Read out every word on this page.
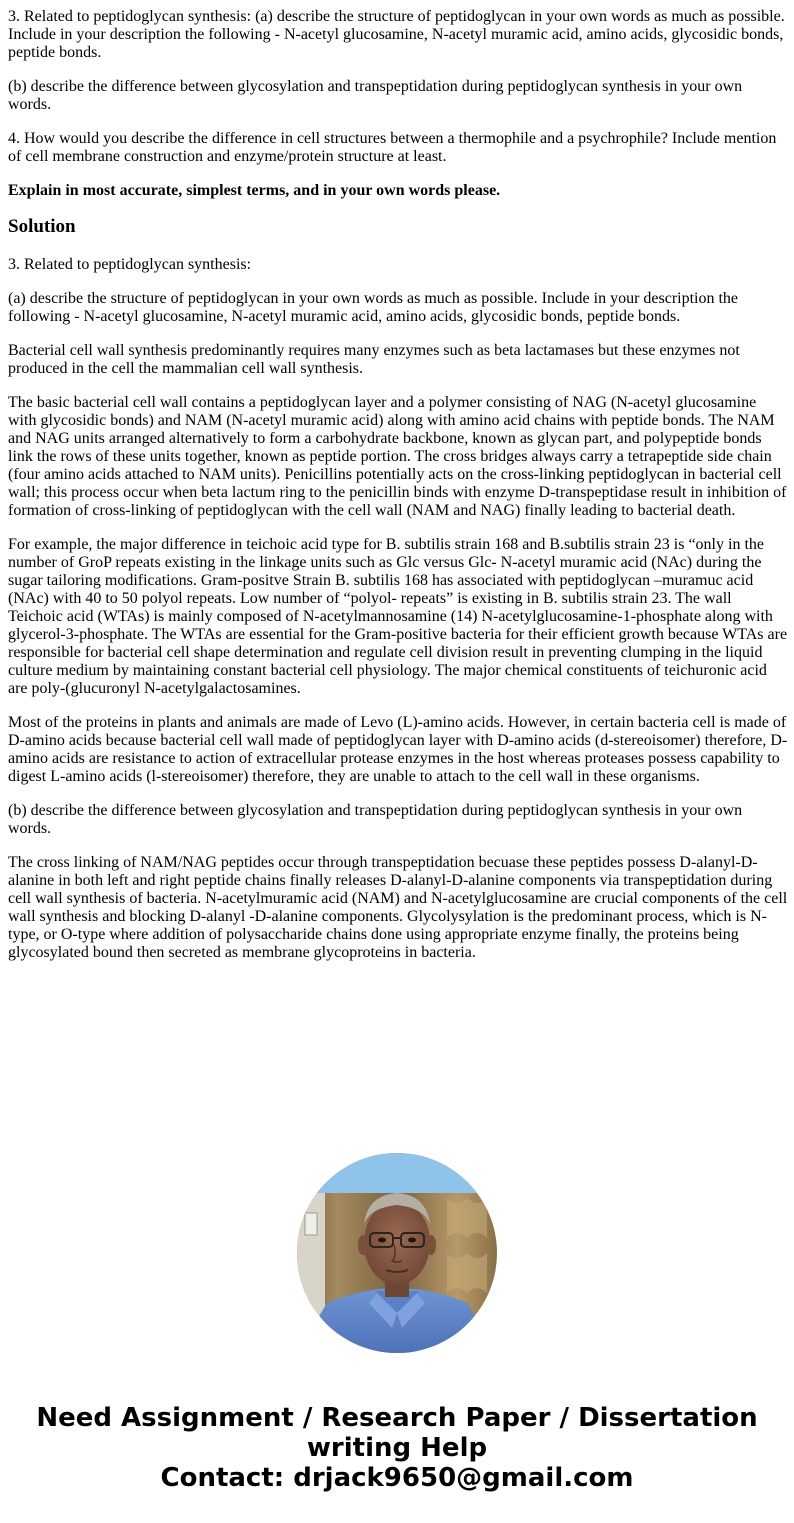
3. Related to peptidoglycan synthesis: (a) describe the structure of peptidoglycan in your own words as much as possible. Include in your description the following - N-acetyl glucosamine, N-acetyl muramic acid, amino acids, glycosidic bonds, peptide bonds.

(b) describe the difference between glycosylation and transpeptidation during peptidoglycan synthesis in your own words.

4. How would you describe the difference in cell structures between a thermophile and a psychrophile? Include mention of cell membrane construction and enzyme/protein structure at least.

Explain in most accurate, simplest terms, and in your own words please.

Solution

3. Related to peptidoglycan synthesis:

(a) describe the structure of peptidoglycan in your own words as much as possible. Include in your description the following - N-acetyl glucosamine, N-acetyl muramic acid, amino acids, glycosidic bonds, peptide bonds.

Bacterial cell wall synthesis predominantly requires many enzymes such as beta lactamases but these enzymes not produced in the cell the mammalian cell wall synthesis.

The basic bacterial cell wall contains a peptidoglycan layer and a polymer consisting of NAG (N-acetyl glucosamine with glycosidic bonds) and NAM (N-acetyl muramic acid) along with amino acid chains with peptide bonds. The NAM and NAG units arranged alternatively to form a carbohydrate backbone, known as glycan part, and polypeptide bonds link the rows of these units together, known as peptide portion. The cross bridges always carry a tetrapeptide side chain (four amino acids attached to NAM units). Penicillins potentially acts on the cross-linking peptidoglycan in bacterial cell wall; this process occur when beta lactum ring to the penicillin binds with enzyme D-transpeptidase result in inhibition of formation of cross-linking of peptidoglycan with the cell wall (NAM and NAG) finally leading to bacterial death.

For example, the major difference in teichoic acid type for B. subtilis strain 168 and B.subtilis strain 23 is “only in the number of GroP repeats existing in the linkage units such as Glc versus Glc- N-acetyl muramic acid (NAc) during the sugar tailoring modifications. Gram-positve Strain B. subtilis 168 has associated with peptidoglycan –muramuc acid (NAc) with 40 to 50 polyol repeats. Low number of “polyol- repeats” is existing in B. subtilis strain 23. The wall Teichoic acid (WTAs) is mainly composed of N-acetylmannosamine (14) N-acetylglucosamine-1-phosphate along with glycerol-3-phosphate. The WTAs are essential for the Gram-positive bacteria for their efficient growth because WTAs are responsible for bacterial cell shape determination and regulate cell division result in preventing clumping in the liquid culture medium by maintaining constant bacterial cell physiology. The major chemical constituents of teichuronic acid are poly-(glucuronyl N-acetylgalactosamines.

Most of the proteins in plants and animals are made of Levo (L)-amino acids. However, in certain bacteria cell is made of D-amino acids because bacterial cell wall made of peptidoglycan layer with D-amino acids (d-stereoisomer) therefore, D-amino acids are resistance to action of extracellular protease enzymes in the host whereas proteases possess capability to digest L-amino acids (l-stereoisomer) therefore, they are unable to attach to the cell wall in these organisms.

(b) describe the difference between glycosylation and transpeptidation during peptidoglycan synthesis in your own words.

The cross linking of NAM/NAG peptides occur through transpeptidation becuase these peptides possess D-alanyl-D-alanine in both left and right peptide chains finally releases D-alanyl-D-alanine components via transpeptidation during cell wall synthesis of bacteria. N-acetylmuramic acid (NAM) and N-acetylglucosamine are crucial components of the cell wall synthesis and blocking D-alanyl -D-alanine components. Glycolysylation is the predominant process, which is N-type, or O-type where addition of polysaccharide chains done using appropriate enzyme finally, the proteins being glycosylated bound then secreted as membrane glycoproteins in bacteria.

Need Assignment / Research Paper / Dissertation
writing Help
Contact: drjack9650@gmail.com
